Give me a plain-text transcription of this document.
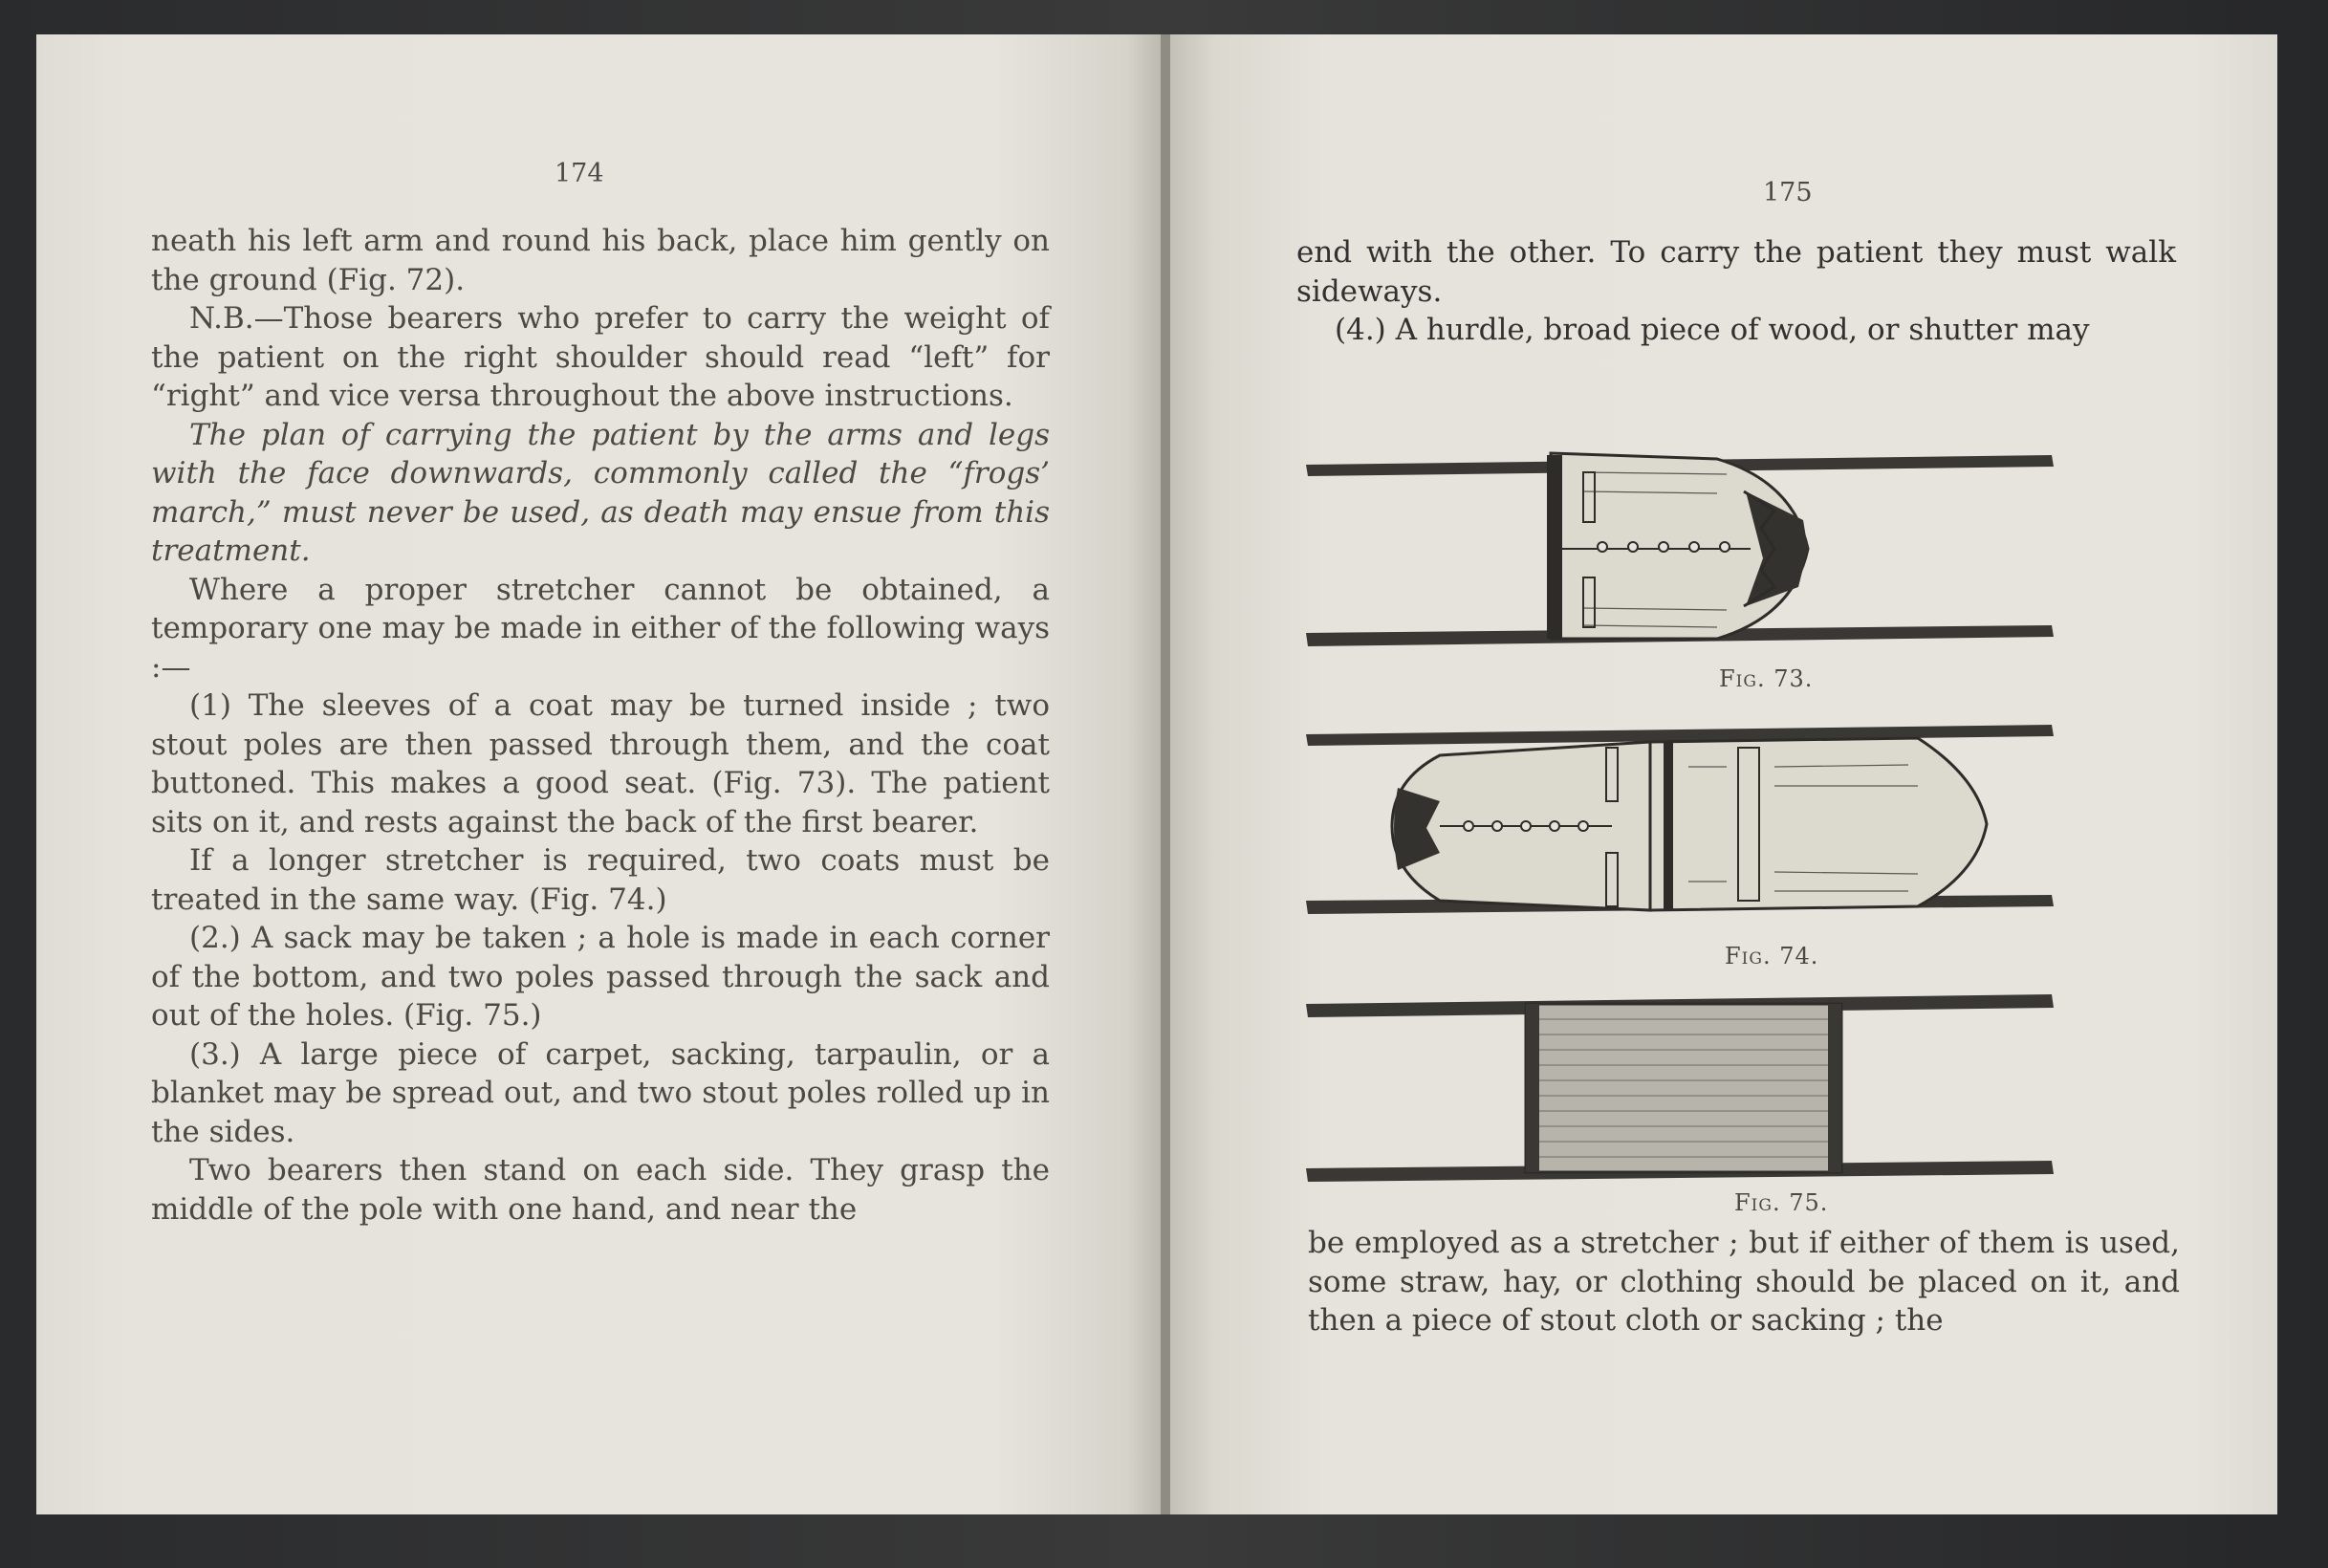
174

neath his left arm and round his back, place him gently on the ground (Fig. 72).

N.B.—Those bearers who prefer to carry the weight of the patient on the right shoulder should read “left” for “right” and vice versa throughout the above instructions.

The plan of carrying the patient by the arms and legs with the face downwards, commonly called the “frogs’ march,” must never be used, as death may ensue from this treatment.

Where a proper stretcher cannot be obtained, a temporary one may be made in either of the following ways :—

(1) The sleeves of a coat may be turned inside ; two stout poles are then passed through them, and the coat buttoned. This makes a good seat. (Fig. 73). The patient sits on it, and rests against the back of the first bearer.

If a longer stretcher is required, two coats must be treated in the same way. (Fig. 74.)

(2.) A sack may be taken ; a hole is made in each corner of the bottom, and two poles passed through the sack and out of the holes. (Fig. 75.)

(3.) A large piece of carpet, sacking, tarpaulin, or a blanket may be spread out, and two stout poles rolled up in the sides.

Two bearers then stand on each side. They grasp the middle of the pole with one hand, and near the

175

end with the other. To carry the patient they must walk sideways.

(4.) A hurdle, broad piece of wood, or shutter may

Fig. 73.
Fig. 74.
Fig. 75.

be employed as a stretcher ; but if either of them is used, some straw, hay, or clothing should be placed on it, and then a piece of stout cloth or sacking ; the
